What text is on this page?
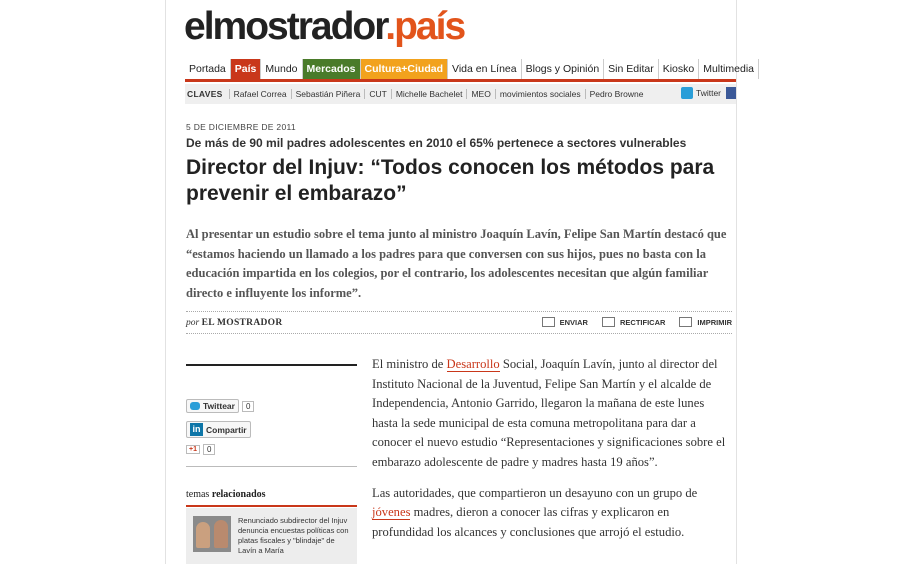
elmostrador.país
Portada País Mundo Mercados Cultura+Ciudad Vida en Línea Blogs y Opinión Sin Editar Kiosko Multimedia
CLAVES	Rafael Correa	Sebastián Piñera	CUT	Michelle Bachelet	MEO	movimientos sociales	Pedro Browne	Twitter
5 DE DICIEMBRE DE 2011
De más de 90 mil padres adolescentes en 2010 el 65% pertenece a sectores vulnerables
Director del Injuv: “Todos conocen los métodos para prevenir el embarazo”
Al presentar un estudio sobre el tema junto al ministro Joaquín Lavín, Felipe San Martín destacó que “estamos haciendo un llamado a los padres para que conversen con sus hijos, pues no basta con la educación impartida en los colegios, por el contrario, los adolescentes necesitan que algún familiar directo e influyente los informe”.
por EL MOSTRADOR	ENVIAR	RECTIFICAR	IMPRIMIR
Twittear	0
in Compartir
+1	0
temas relacionados
Renunciado subdirector del Injuv denuncia encuestas políticas con platas fiscales y "blindaje" de Lavín a María

El ministro de Desarrollo Social, Joaquín Lavín, junto al director del Instituto Nacional de la Juventud, Felipe San Martín y el alcalde de Independencia, Antonio Garrido, llegaron la mañana de este lunes hasta la sede municipal de esta comuna metropolitana para dar a conocer el nuevo estudio “Representaciones y significaciones sobre el embarazo adolescente de padre y madres hasta 19 años”.

Las autoridades, que compartieron un desayuno con un grupo de jóvenes madres, dieron a conocer las cifras y explicaron en profundidad los alcances y conclusiones que arrojó el estudio.
